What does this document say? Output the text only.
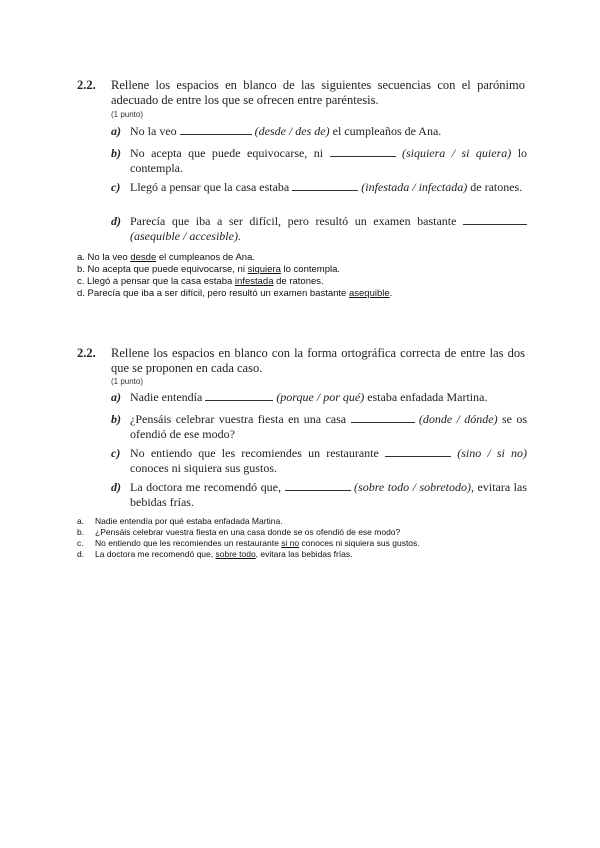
2.2. Rellene los espacios en blanco de las siguientes secuencias con el parónimo adecuado de entre los que se ofrecen entre paréntesis.
(1 punto)
a) No la veo	(desde / des de) el cumpleaños de Ana.
b) No acepta que puede equivocarse, ni	(siquiera / si quiera) lo contempla.
c) Llegó a pensar que la casa estaba	(infestada / infectada) de ratones.
d) Parecía que iba a ser difícil, pero resultó un examen bastante  (asequible / accesible).
a. No la veo desde el cumpleanos de Ana.
b. No acepta que puede equivocarse, ni siquiera lo contempla.
c. Llegó a pensar que la casa estaba infestada de ratones.
d. Parecía que iba a ser difícil, pero resultó un examen bastante asequible.
2.2. Rellene los espacios en blanco con la forma ortográfica correcta de entre las dos que se proponen en cada caso.
(1 punto)
a) Nadie entendía	(porque / por qué) estaba enfadada Martina.
b) ¿Pensáis celebrar vuestra fiesta en una casa	(donde / dónde) se os ofendió de ese modo?
c) No entiendo que les recomiendes un restaurante	(sino / si no) conoces ni siquiera sus gustos.
d) La doctora me recomendó que,	(sobre todo / sobretodo), evitara las bebidas frías.
a. Nadie entendía por qué estaba enfadada Martina.
b. ¿Pensáis celebrar vuestra fiesta en una casa donde se os ofendió de ese modo?
c. No entiendo que les recomiendes un restaurante si no conoces ni siquiera sus gustos.
d. La doctora me recomendó que, sobre todo, evitara las bebidas frías.
